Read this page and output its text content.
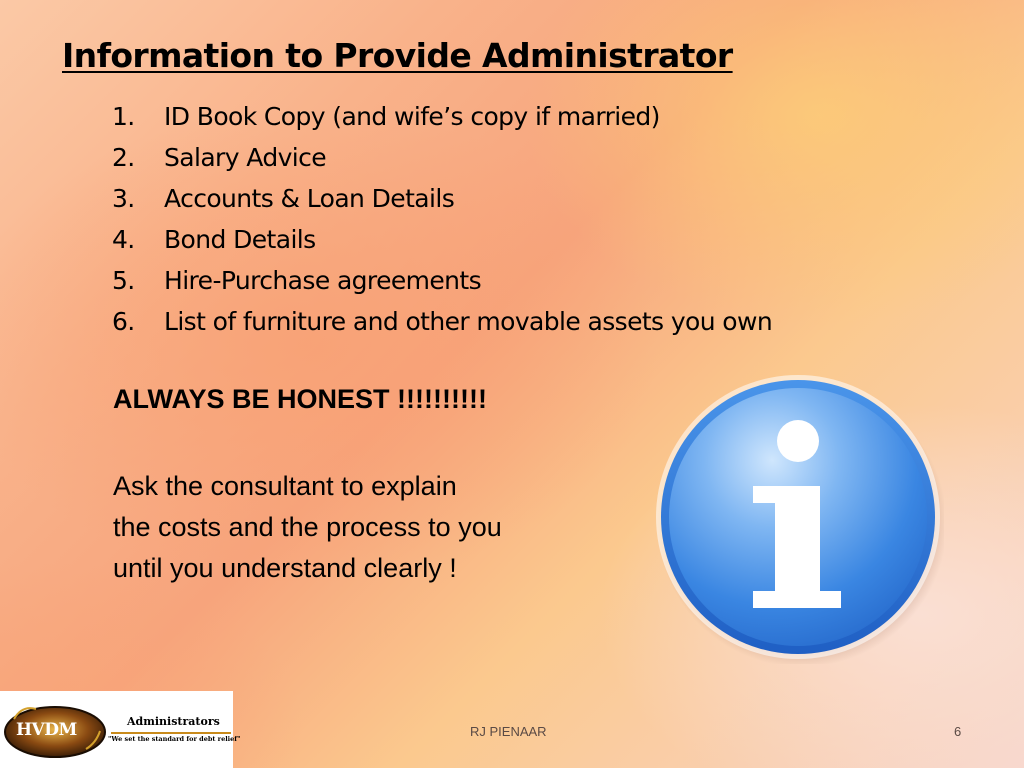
Information to Provide Administrator
1.	ID Book Copy (and wife’s copy if married)
2.	Salary Advice
3.	Accounts & Loan Details
4.	Bond Details
5.	Hire-Purchase agreements
6.	List of furniture and other movable assets you own
ALWAYS BE HONEST !!!!!!!!!!
Ask the consultant to explain
the costs and the process to you
until you understand clearly !
HVDM	Administrators
"We set the standard for debt relief"	RJ PIENAAR	6
